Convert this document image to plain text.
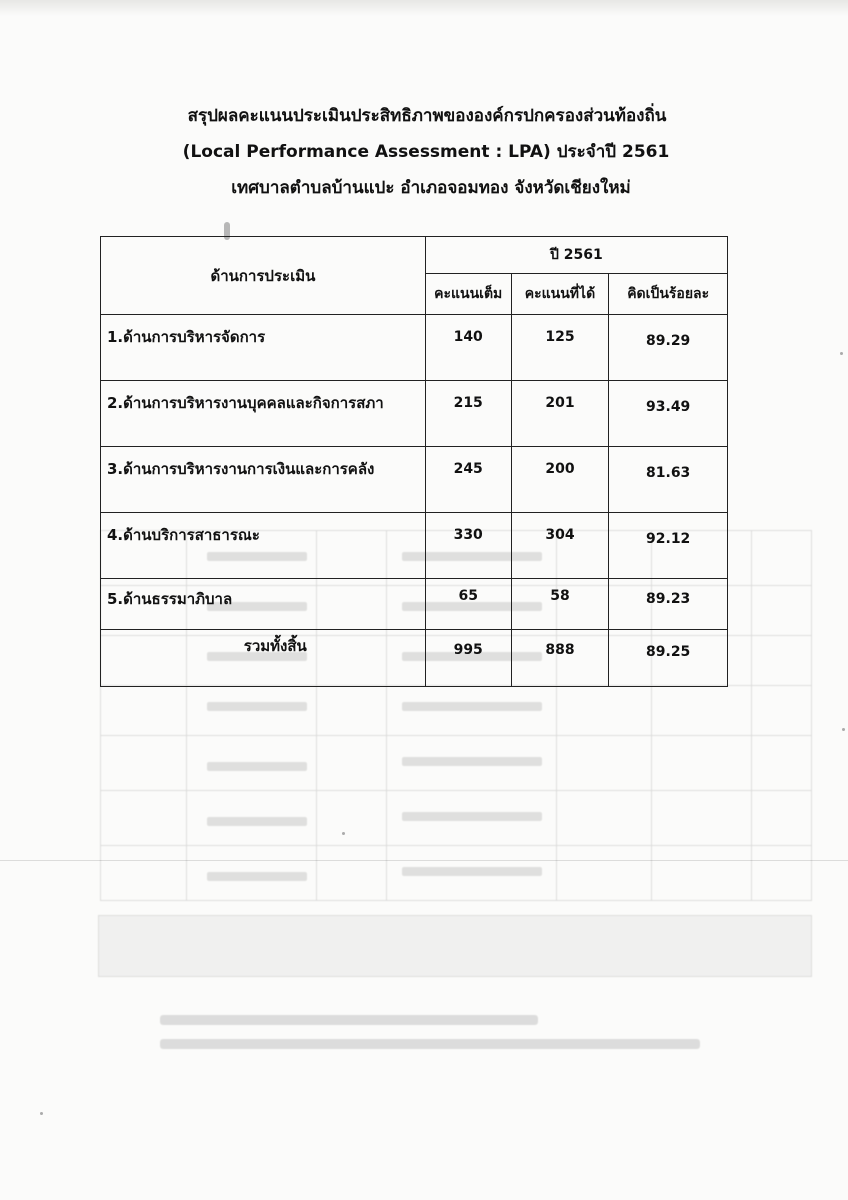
สรุปผลคะแนนประเมินประสิทธิภาพขององค์กรปกครองส่วนท้องถิ่น
(Local Performance Assessment : LPA) ประจำปี 2561
เทศบาลตำบลบ้านแปะ อำเภอจอมทอง จังหวัดเชียงใหม่
ด้านการประเมิน	ปี 2561		
	คะแนนเต็ม	คะแนนที่ได้	คิดเป็นร้อยละ
1.ด้านการบริหารจัดการ	140	125	89.29
2.ด้านการบริหารงานบุคคลและกิจการสภา	215	201	93.49
3.ด้านการบริหารงานการเงินและการคลัง	245	200	81.63
4.ด้านบริการสาธารณะ	330	304	92.12
5.ด้านธรรมาภิบาล	65	58	89.23
รวมทั้งสิ้น	995	888	89.25
